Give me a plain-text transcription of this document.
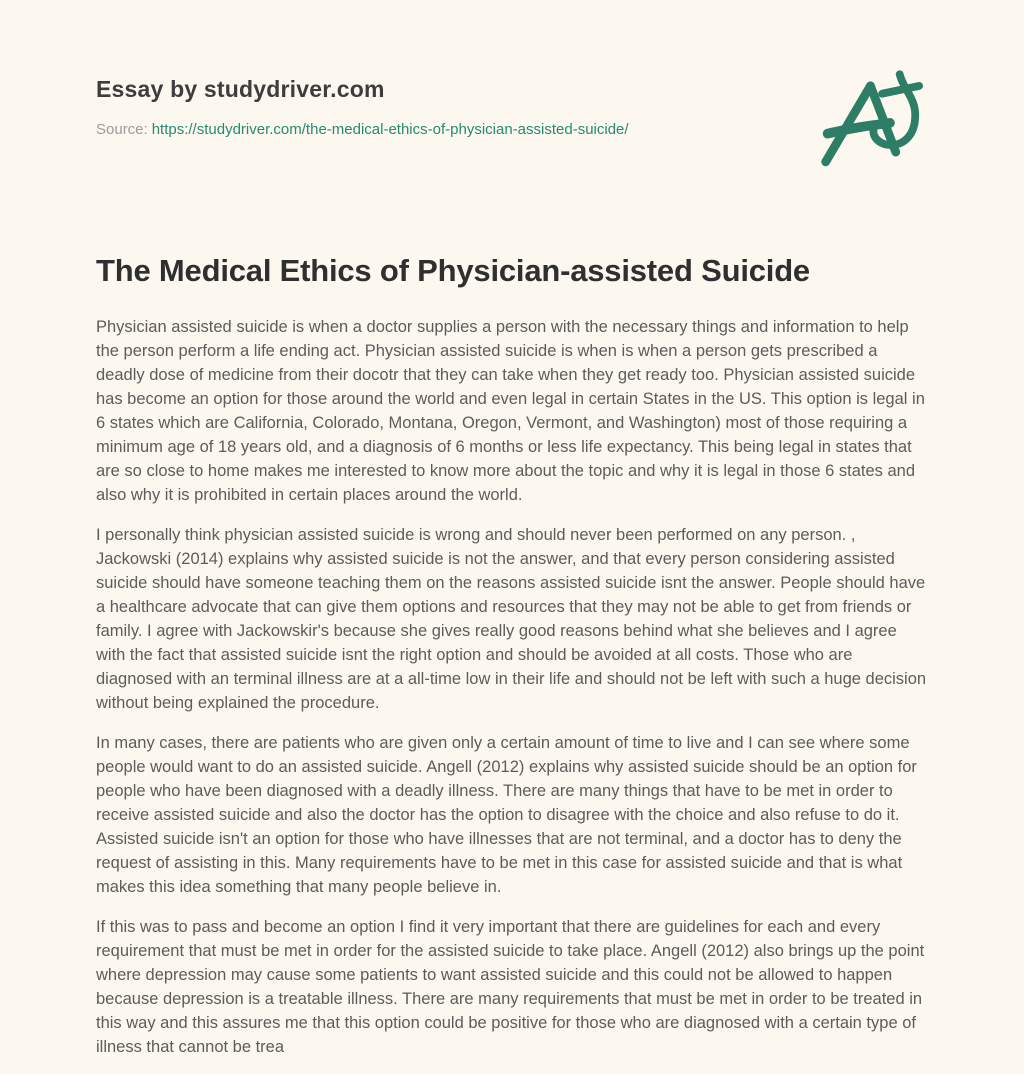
Essay by studydriver.com
Source: https://studydriver.com/the-medical-ethics-of-physician-assisted-suicide/
The Medical Ethics of Physician-assisted Suicide

Physician assisted suicide is when a doctor supplies a person with the necessary things and information to help the person perform a life ending act. Physician assisted suicide is when is when a person gets prescribed a deadly dose of medicine from their docotr that they can take when they get ready too. Physician assisted suicide has become an option for those around the world and even legal in certain States in the US. This option is legal in 6 states which are California, Colorado, Montana, Oregon, Vermont, and Washington) most of those requiring a minimum age of 18 years old, and a diagnosis of 6 months or less life expectancy. This being legal in states that are so close to home makes me interested to know more about the topic and why it is legal in those 6 states and also why it is prohibited in certain places around the world.

I personally think physician assisted suicide is wrong and should never been performed on any person. , Jackowski (2014) explains why assisted suicide is not the answer, and that every person considering assisted suicide should have someone teaching them on the reasons assisted suicide isnt the answer. People should have a healthcare advocate that can give them options and resources that they may not be able to get from friends or family. I agree with Jackowskir's because she gives really good reasons behind what she believes and I agree with the fact that assisted suicide isnt the right option and should be avoided at all costs. Those who are diagnosed with an terminal illness are at a all-time low in their life and should not be left with such a huge decision without being explained the procedure.

In many cases, there are patients who are given only a certain amount of time to live and I can see where some people would want to do an assisted suicide. Angell (2012) explains why assisted suicide should be an option for people who have been diagnosed with a deadly illness. There are many things that have to be met in order to receive assisted suicide and also the doctor has the option to disagree with the choice and also refuse to do it. Assisted suicide isn't an option for those who have illnesses that are not terminal, and a doctor has to deny the request of assisting in this. Many requirements have to be met in this case for assisted suicide and that is what makes this idea something that many people believe in.

If this was to pass and become an option I find it very important that there are guidelines for each and every requirement that must be met in order for the assisted suicide to take place. Angell (2012) also brings up the point where depression may cause some patients to want assisted suicide and this could not be allowed to happen because depression is a treatable illness. There are many requirements that must be met in order to be treated in this way and this assures me that this option could be positive for those who are diagnosed with a certain type of illness that cannot be trea
